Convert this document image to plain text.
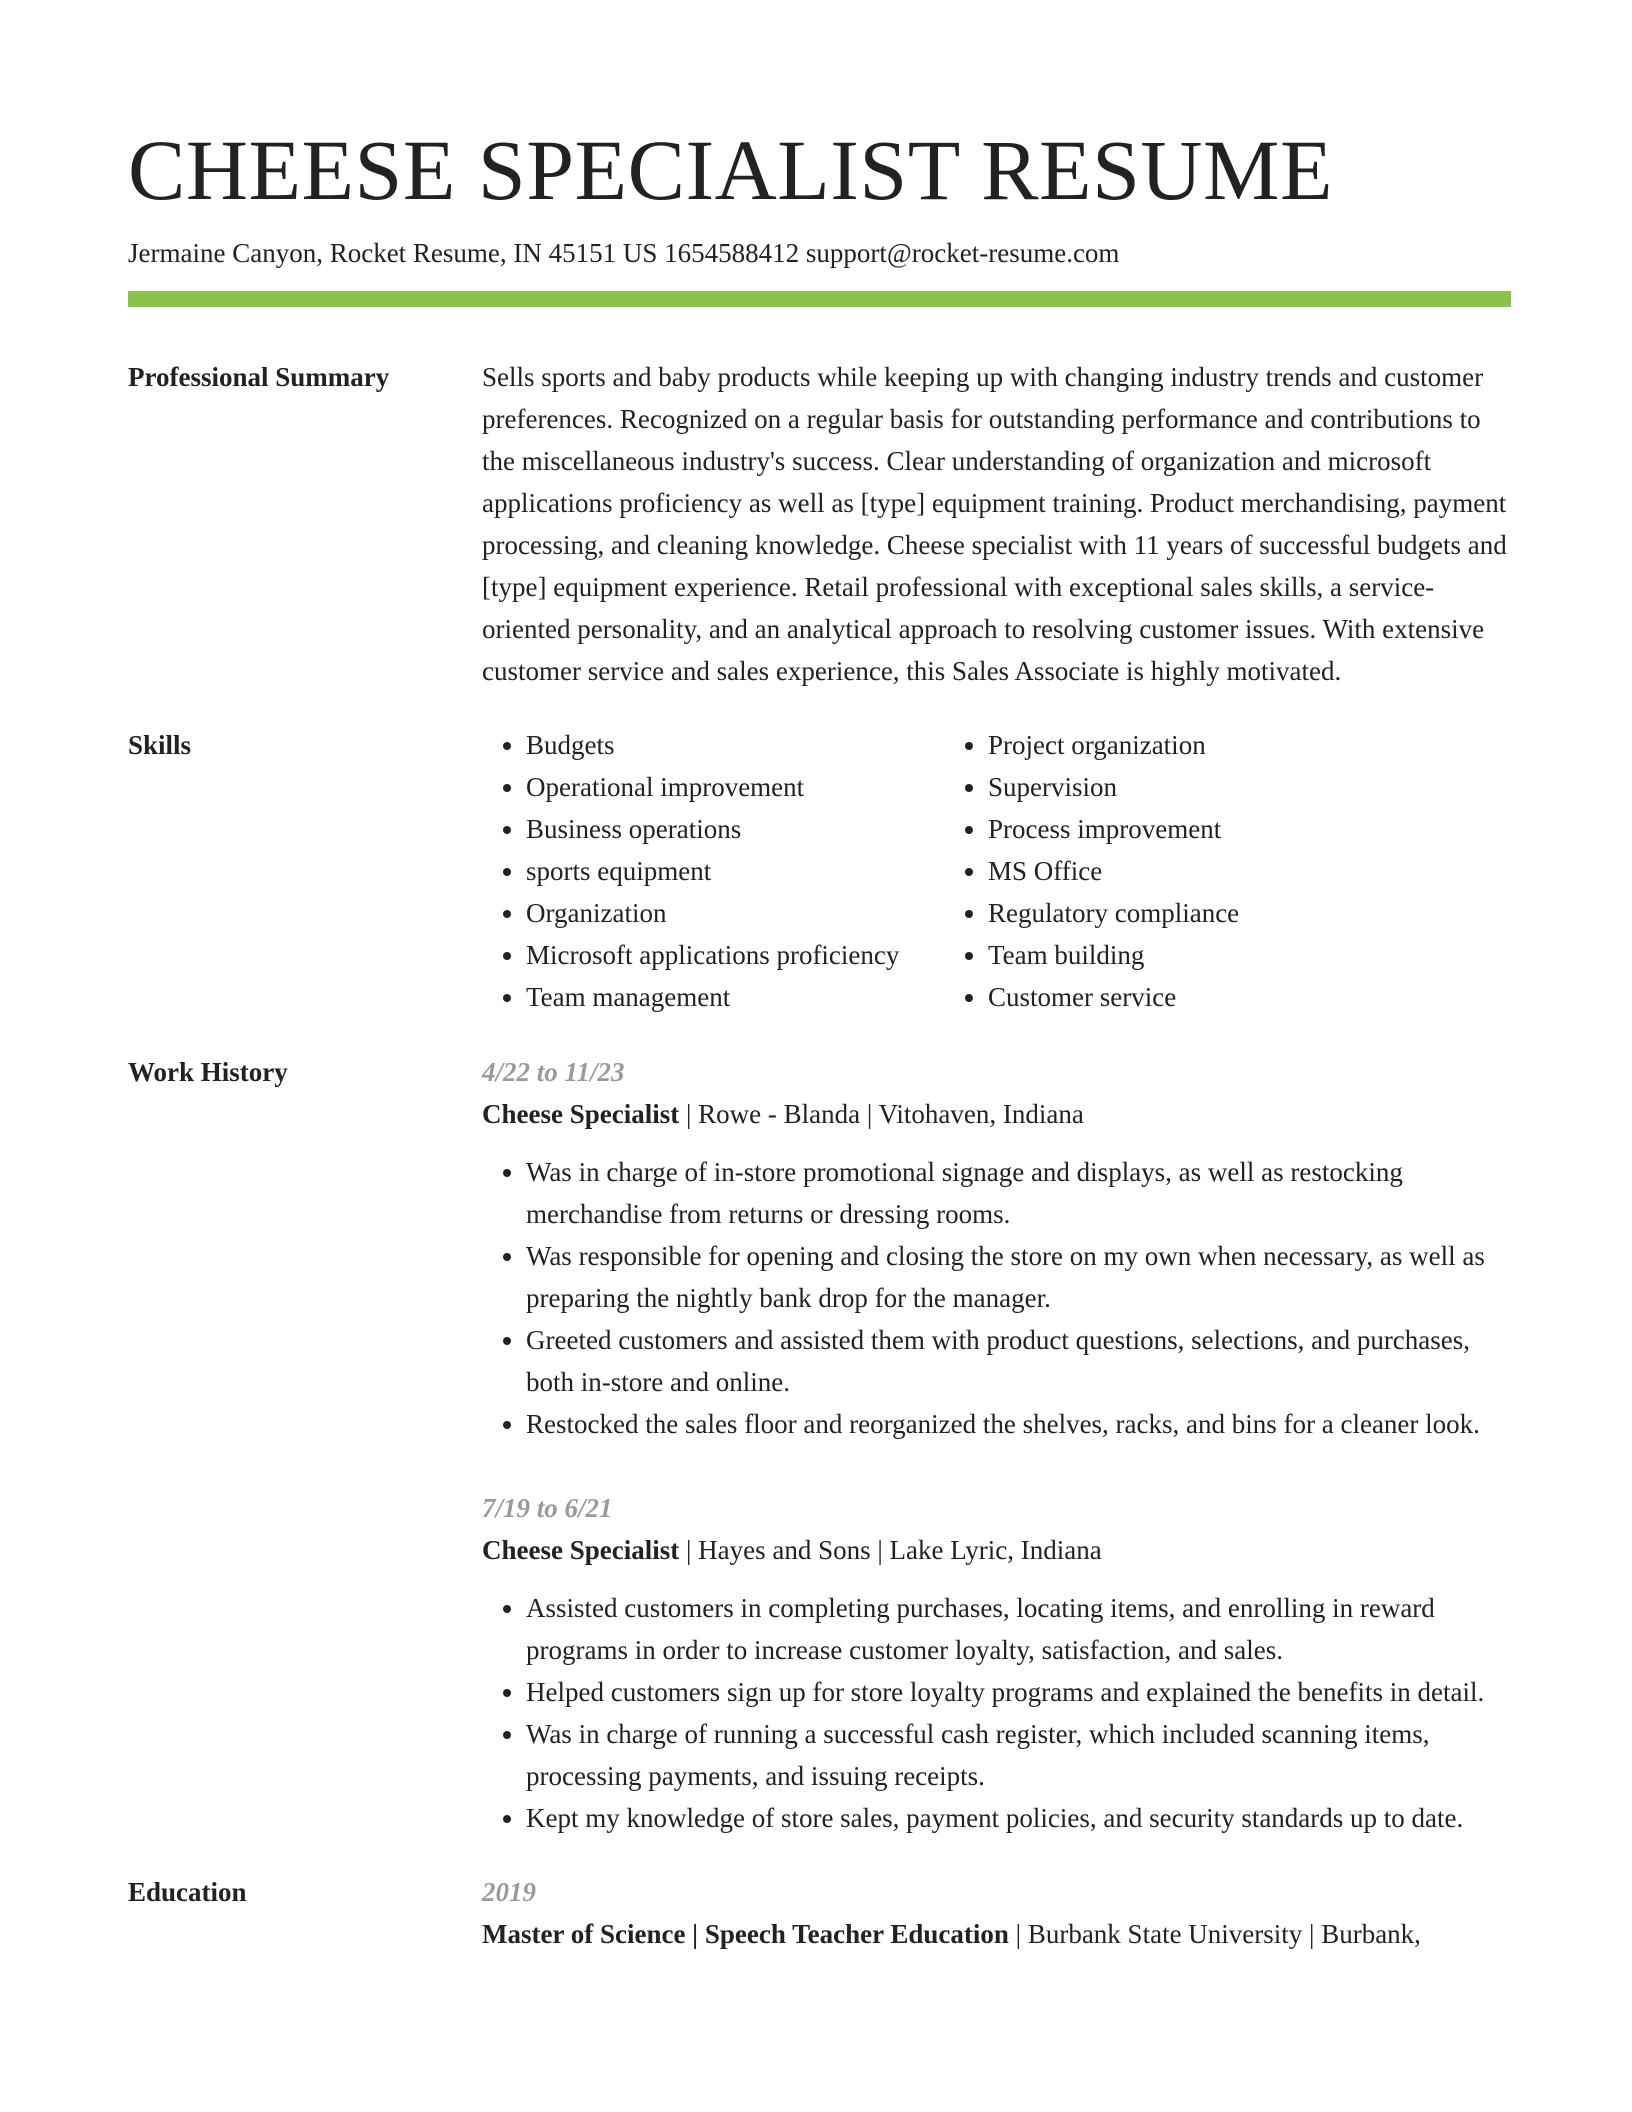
CHEESE SPECIALIST RESUME
Jermaine Canyon, Rocket Resume, IN 45151 US 1654588412 support@rocket-resume.com
Professional Summary	Sells sports and baby products while keeping up with changing industry trends and customer preferences. Recognized on a regular basis for outstanding performance and contributions to the miscellaneous industry's success. Clear understanding of organization and microsoft applications proficiency as well as [type] equipment training. Product merchandising, payment processing, and cleaning knowledge. Cheese specialist with 11 years of successful budgets and [type] equipment experience. Retail professional with exceptional sales skills, a service-oriented personality, and an analytical approach to resolving customer issues. With extensive customer service and sales experience, this Sales Associate is highly motivated.

Skills
•	Budgets
• Operational improvement
• Business operations
• sports equipment
• Organization
• Microsoft applications proficiency
• Team management
• Project organization
• Supervision
• Process improvement
• MS Office
• Regulatory compliance
• Team building
• Customer service
Work History	4/22 to 11/23
Cheese Specialist | Rowe - Blanda | Vitohaven, Indiana
• Was in charge of in-store promotional signage and displays, as well as restocking merchandise from returns or dressing rooms.
• Was responsible for opening and closing the store on my own when necessary, as well as preparing the nightly bank drop for the manager.
• Greeted customers and assisted them with product questions, selections, and purchases, both in-store and online.
• Restocked the sales floor and reorganized the shelves, racks, and bins for a cleaner look.
7/19 to 6/21
Cheese Specialist | Hayes and Sons | Lake Lyric, Indiana
• Assisted customers in completing purchases, locating items, and enrolling in reward programs in order to increase customer loyalty, satisfaction, and sales.
• Helped customers sign up for store loyalty programs and explained the benefits in detail.
• Was in charge of running a successful cash register, which included scanning items, processing payments, and issuing receipts.
• Kept my knowledge of store sales, payment policies, and security standards up to date.
Education	2019
Master of Science | Speech Teacher Education | Burbank State University | Burbank,
